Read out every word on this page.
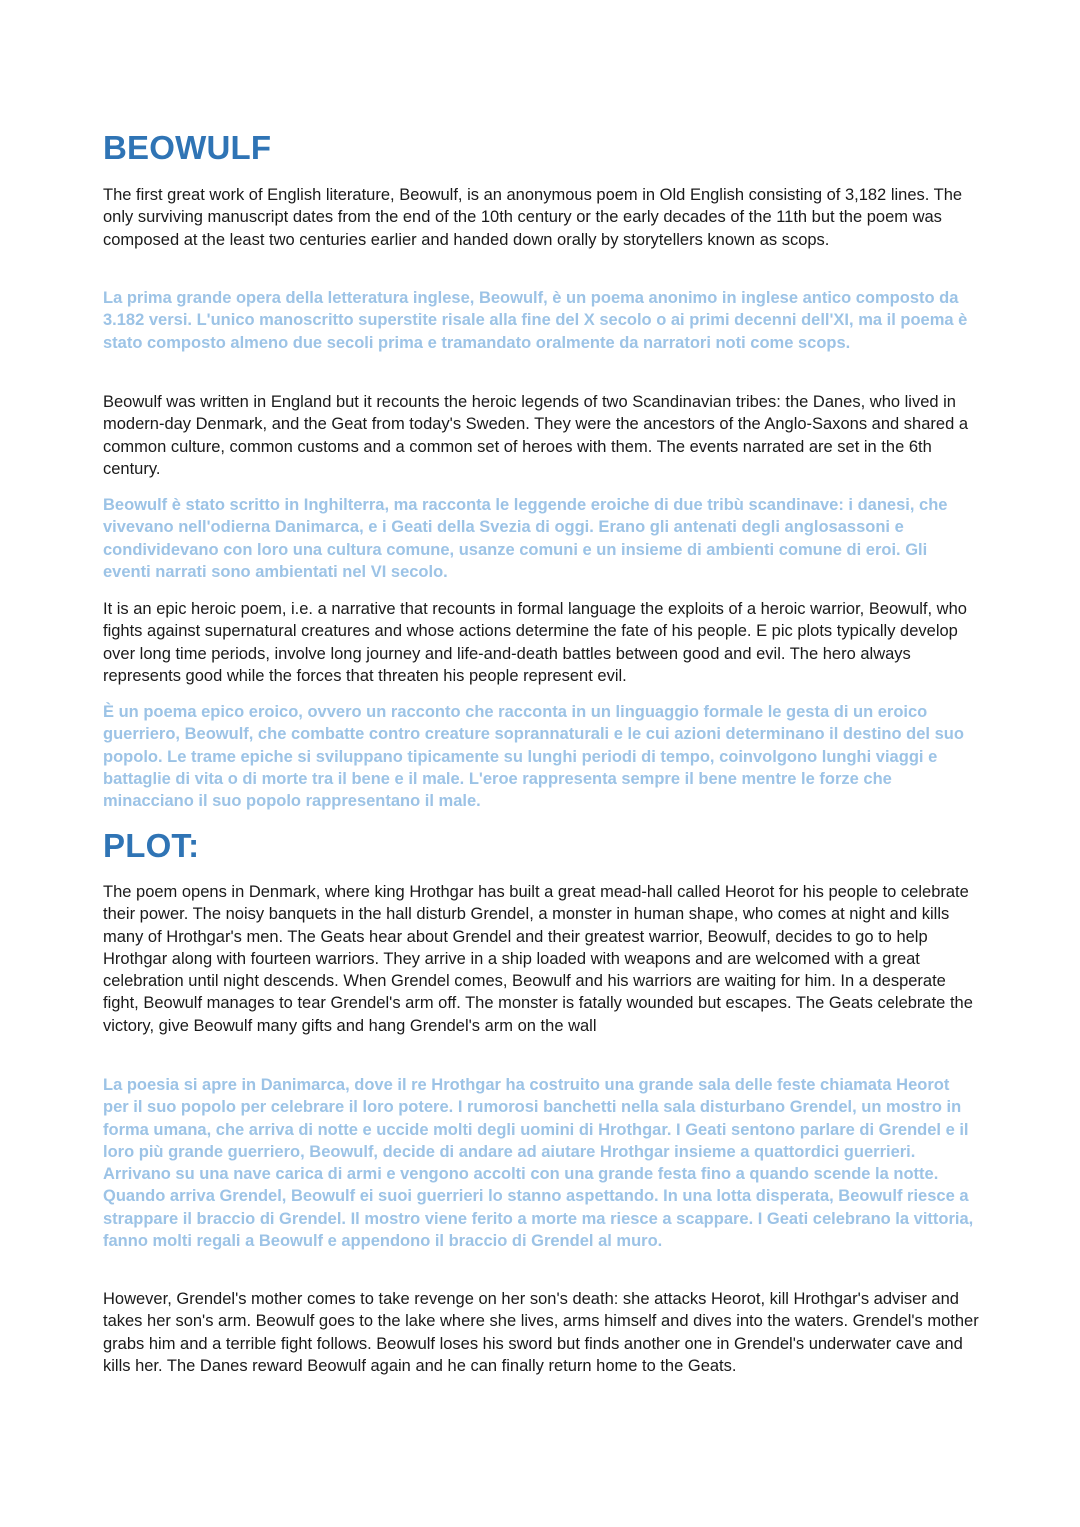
BEOWULF

The first great work of English literature, Beowulf, is an anonymous poem in Old English consisting of 3,182 lines. The only surviving manuscript dates from the end of the 10th century or the early decades of the 11th but the poem was composed at the least two centuries earlier and handed down orally by storytellers known as scops.

La prima grande opera della letteratura inglese, Beowulf, è un poema anonimo in inglese antico composto da 3.182 versi. L'unico manoscritto superstite risale alla fine del X secolo o ai primi decenni dell'XI, ma il poema è stato composto almeno due secoli prima e tramandato oralmente da narratori noti come scops.

Beowulf was written in England but it recounts the heroic legends of two Scandinavian tribes: the Danes, who lived in modern-day Denmark, and the Geat from today's Sweden. They were the ancestors of the Anglo-Saxons and shared a common culture, common customs and a common set of heroes with them. The events narrated are set in the 6th century.

Beowulf è stato scritto in Inghilterra, ma racconta le leggende eroiche di due tribù scandinave: i danesi, che vivevano nell'odierna Danimarca, e i Geati della Svezia di oggi. Erano gli antenati degli anglosassoni e condividevano con loro una cultura comune, usanze comuni e un insieme di ambienti comune di eroi. Gli eventi narrati sono ambientati nel VI secolo.

It is an epic heroic poem, i.e. a narrative that recounts in formal language the exploits of a heroic warrior, Beowulf, who fights against supernatural creatures and whose actions determine the fate of his people. E pic plots typically develop over long time periods, involve long journey and life-and-death battles between good and evil. The hero always represents good while the forces that threaten his people represent evil.

È un poema epico eroico, ovvero un racconto che racconta in un linguaggio formale le gesta di un eroico guerriero, Beowulf, che combatte contro creature soprannaturali e le cui azioni determinano il destino del suo popolo. Le trame epiche si sviluppano tipicamente su lunghi periodi di tempo, coinvolgono lunghi viaggi e battaglie di vita o di morte tra il bene e il male. L'eroe rappresenta sempre il bene mentre le forze che minacciano il suo popolo rappresentano il male.

PLOT:

The poem opens in Denmark, where king Hrothgar has built a great mead-hall called Heorot for his people to celebrate their power. The noisy banquets in the hall disturb Grendel, a monster in human shape, who comes at night and kills many of Hrothgar's men. The Geats hear about Grendel and their greatest warrior, Beowulf, decides to go to help Hrothgar along with fourteen warriors. They arrive in a ship loaded with weapons and are welcomed with a great celebration until night descends. When Grendel comes, Beowulf and his warriors are waiting for him. In a desperate fight, Beowulf manages to tear Grendel's arm off. The monster is fatally wounded but escapes. The Geats celebrate the victory, give Beowulf many gifts and hang Grendel's arm on the wall

La poesia si apre in Danimarca, dove il re Hrothgar ha costruito una grande sala delle feste chiamata Heorot per il suo popolo per celebrare il loro potere. I rumorosi banchetti nella sala disturbano Grendel, un mostro in forma umana, che arriva di notte e uccide molti degli uomini di Hrothgar. I Geati sentono parlare di Grendel e il loro più grande guerriero, Beowulf, decide di andare ad aiutare Hrothgar insieme a quattordici guerrieri. Arrivano su una nave carica di armi e vengono accolti con una grande festa fino a quando scende la notte. Quando arriva Grendel, Beowulf ei suoi guerrieri lo stanno aspettando. In una lotta disperata, Beowulf riesce a strappare il braccio di Grendel. Il mostro viene ferito a morte ma riesce a scappare. I Geati celebrano la vittoria, fanno molti regali a Beowulf e appendono il braccio di Grendel al muro.

However, Grendel's mother comes to take revenge on her son's death: she attacks Heorot, kill Hrothgar's adviser and takes her son's arm. Beowulf goes to the lake where she lives, arms himself and dives into the waters. Grendel's mother grabs him and a terrible fight follows. Beowulf loses his sword but finds another one in Grendel's underwater cave and kills her. The Danes reward Beowulf again and he can finally return home to the Geats.
